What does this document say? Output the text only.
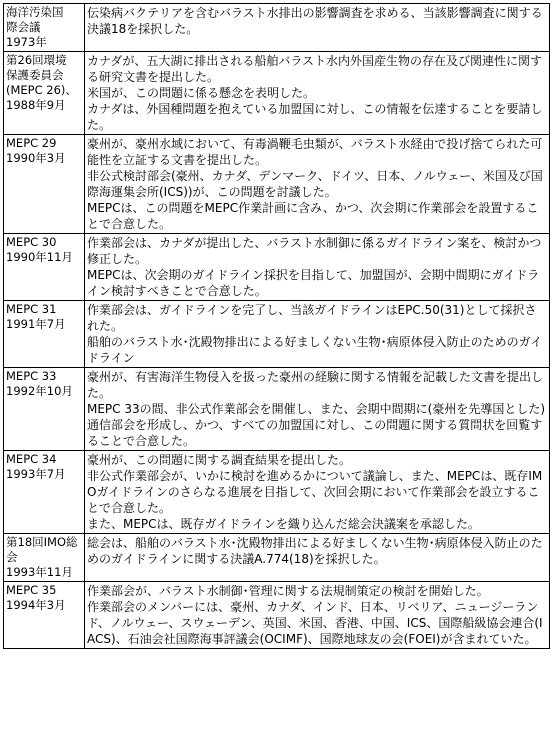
海洋汚染国
際会議
1973年	伝染病バクテリアを含むバラスト水排出の影響調査を求める、当該影響調査に関する決議18を採択した。

第26回環境
保護委員会
(MEPC 26)、
1988年9月	カナダが、五大湖に排出される船舶バラスト水内外国産生物の存在及び関連性に関する研究文書を提出した。
米国が、この問題に係る懸念を表明した。
カナダは、外国種問題を抱えている加盟国に対し、この情報を伝達することを要請した。

MEPC 29
1990年3月	豪州が、豪州水域において、有毒渦鞭毛虫類が、バラスト水経由で投げ捨てられた可能性を立証する文書を提出した。
非公式検討部会(豪州、カナダ、デンマーク、ドイツ、日本、ノルウェー、米国及び国際海運集会所(ICS))が、この問題を討議した。
MEPCは、この問題をMEPC作業計画に含み、かつ、次会期に作業部会を設置することで合意した。

MEPC 30
1990年11月	作業部会は、カナダが提出した、バラスト水制御に係るガイドライン案を、検討かつ修正した。
MEPCは、次会期のガイドライン採択を目指して、加盟国が、会期中間期にガイドライン検討すべきことで合意した。

MEPC 31
1991年7月	作業部会は、ガイドラインを完了し、当該ガイドラインはEPC.50(31)として採択された。
船舶のバラスト水･沈殿物排出による好ましくない生物･病原体侵入防止のためのガイドライン

MEPC 33
1992年10月	豪州が、有害海洋生物侵入を扱った豪州の経験に関する情報を記載した文書を提出した。
MEPC 33の間、非公式作業部会を開催し、また、会期中間期に(豪州を先導国とした)通信部会を形成し、かつ、すべての加盟国に対し、この問題に関する質問状を回覧することで合意した。

MEPC 34
1993年7月	豪州が、この問題に関する調査結果を提出した。
非公式作業部会が、いかに検討を進めるかについて議論し、また、MEPCは、既存IMOガイドラインのさらなる進展を目指して、次回会期において作業部会を設立することで合意した。
また、MEPCは、既存ガイドラインを織り込んだ総会決議案を承認した。

第18回IMO総
会
1993年11月	総会は、船舶のバラスト水･沈殿物排出による好ましくない生物･病原体侵入防止のためのガイドラインに関する決議A.774(18)を採択した。

MEPC 35
1994年3月	作業部会が、バラスト水制御･管理に関する法規制策定の検討を開始した。
作業部会のメンバーには、豪州、カナダ、インド、日本、リベリア、ニュージーランド、ノルウェー、スウェーデン、英国、米国、香港、中国、ICS、国際船級協会連合(IACS)、石油会社国際海事評議会(OCIMF)、国際地球友の会(FOEI)が含まれていた。
